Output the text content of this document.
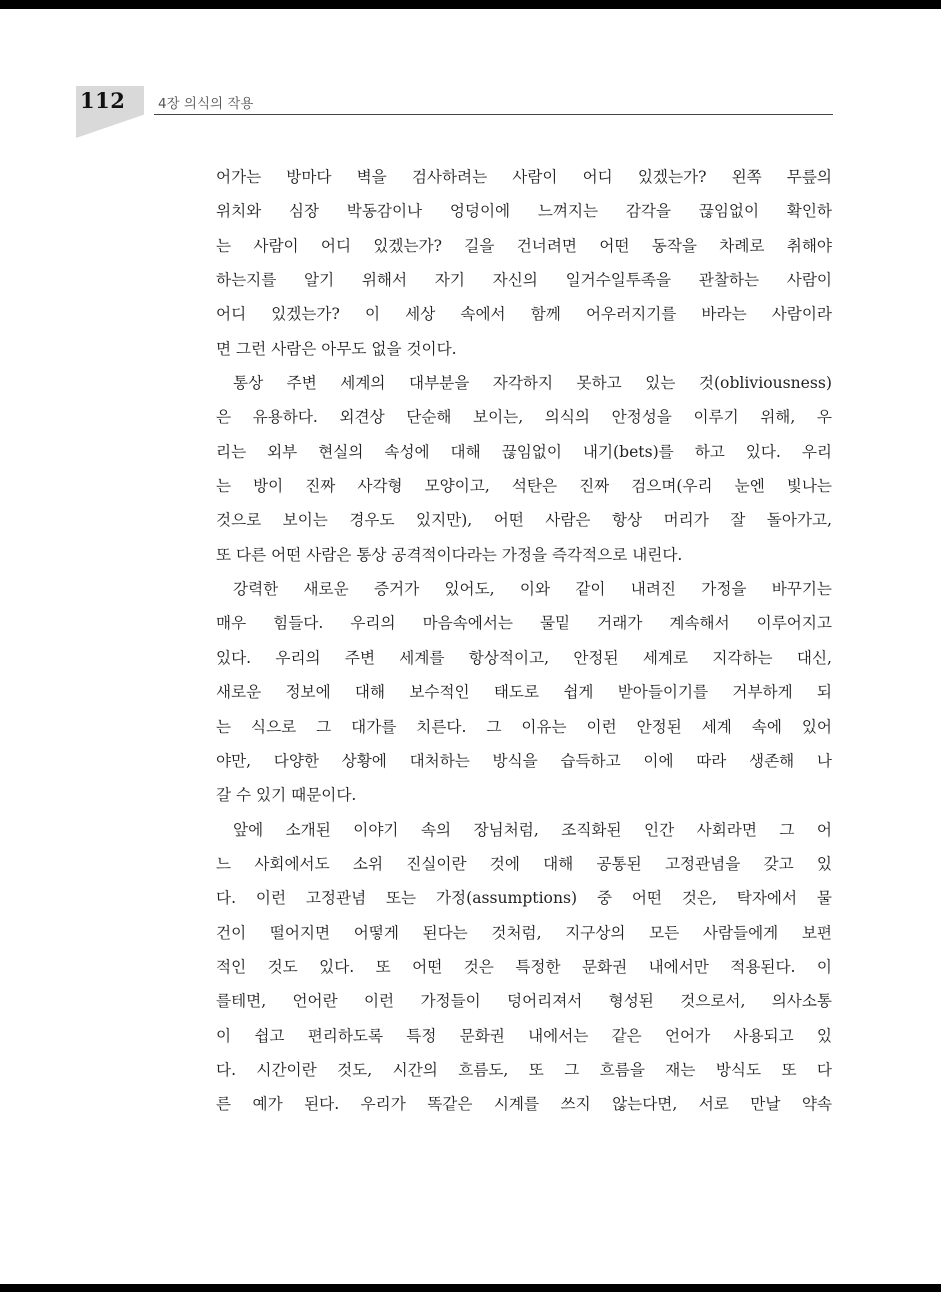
112 4장 의식의 작용
어가는 방마다 벽을 검사하려는 사람이 어디 있겠는가? 왼쪽 무릎의
위치와 심장 박동감이나 엉덩이에 느껴지는 감각을 끊임없이 확인하
는 사람이 어디 있겠는가? 길을 건너려면 어떤 동작을 차례로 취해야
하는지를 알기 위해서 자기 자신의 일거수일투족을 관찰하는 사람이
어디 있겠는가? 이 세상 속에서 함께 어우러지기를 바라는 사람이라
면 그런 사람은 아무도 없을 것이다.
통상 주변 세계의 대부분을 자각하지 못하고 있는 것(obliviousness)
은 유용하다. 외견상 단순해 보이는, 의식의 안정성을 이루기 위해, 우
리는 외부 현실의 속성에 대해 끊임없이 내기(bets)를 하고 있다. 우리
는 방이 진짜 사각형 모양이고, 석탄은 진짜 검으며(우리 눈엔 빛나는
것으로 보이는 경우도 있지만), 어떤 사람은 항상 머리가 잘 돌아가고,
또 다른 어떤 사람은 통상 공격적이다라는 가정을 즉각적으로 내린다.
강력한 새로운 증거가 있어도, 이와 같이 내려진 가정을 바꾸기는
매우 힘들다. 우리의 마음속에서는 물밑 거래가 계속해서 이루어지고
있다. 우리의 주변 세계를 항상적이고, 안정된 세계로 지각하는 대신,
새로운 정보에 대해 보수적인 태도로 쉽게 받아들이기를 거부하게 되
는 식으로 그 대가를 치른다. 그 이유는 이런 안정된 세계 속에 있어
야만, 다양한 상황에 대처하는 방식을 습득하고 이에 따라 생존해 나
갈 수 있기 때문이다.
앞에 소개된 이야기 속의 장님처럼, 조직화된 인간 사회라면 그 어
느 사회에서도 소위 진실이란 것에 대해 공통된 고정관념을 갖고 있
다. 이런 고정관념 또는 가정(assumptions) 중 어떤 것은, 탁자에서 물
건이 떨어지면 어떻게 된다는 것처럼, 지구상의 모든 사람들에게 보편
적인 것도 있다. 또 어떤 것은 특정한 문화권 내에서만 적용된다. 이
를테면, 언어란 이런 가정들이 덩어리져서 형성된 것으로서, 의사소통
이 쉽고 편리하도록 특정 문화권 내에서는 같은 언어가 사용되고 있
다. 시간이란 것도, 시간의 흐름도, 또 그 흐름을 재는 방식도 또 다
른 예가 된다. 우리가 똑같은 시계를 쓰지 않는다면, 서로 만날 약속
